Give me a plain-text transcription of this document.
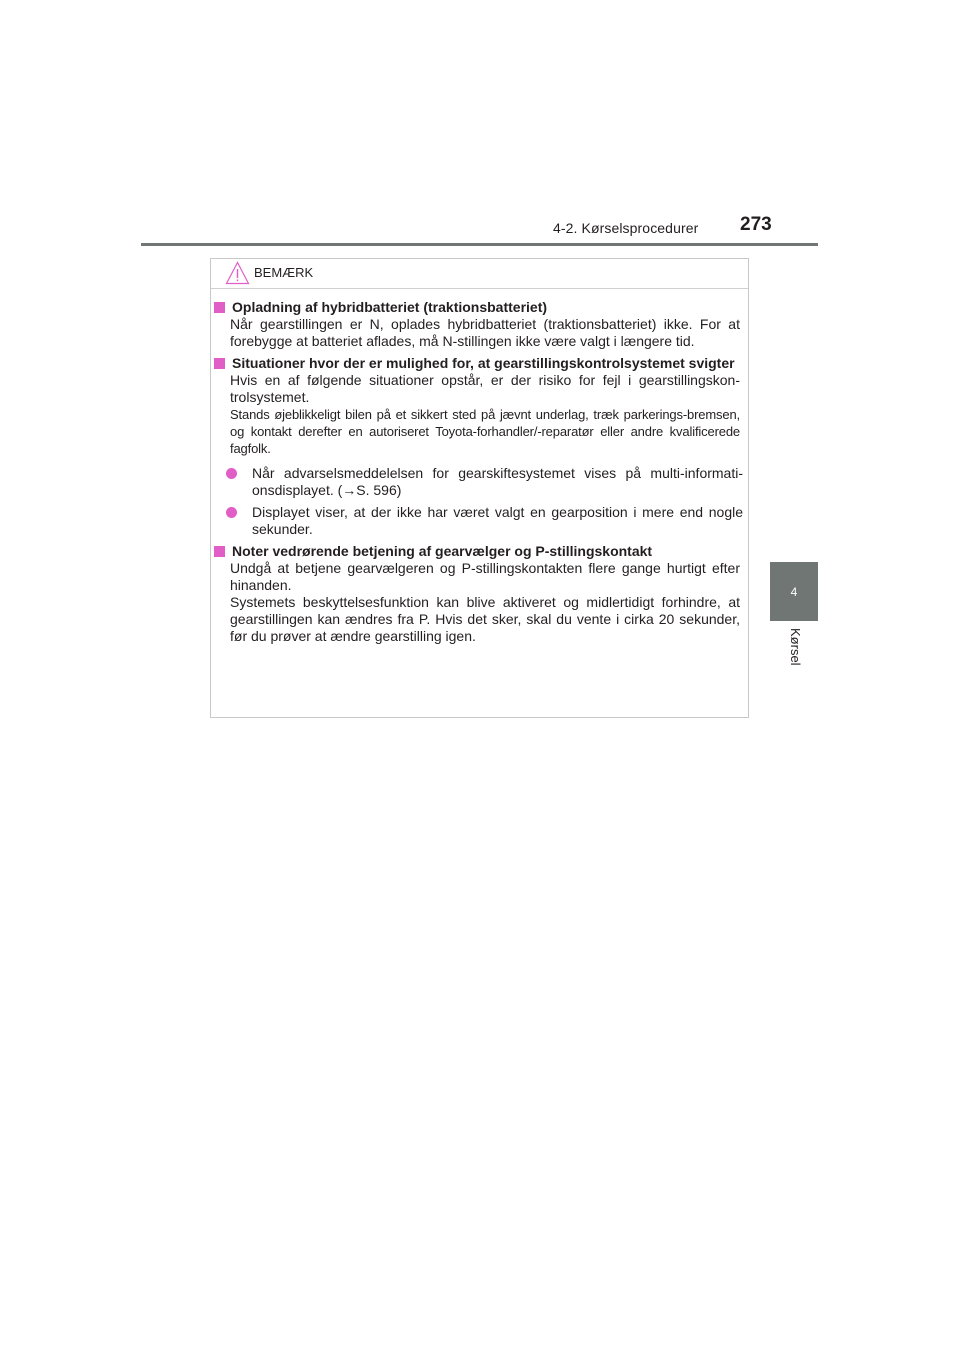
4-2. Kørselsprocedurer 273
4
Kørsel
BEMÆRK
Opladning af hybridbatteriet (traktionsbatteriet)
Når gearstillingen er N, oplades hybridbatteriet (traktionsbatteriet) ikke. For at forebygge at batteriet aflades, må N-stillingen ikke være valgt i længere tid.
Situationer hvor der er mulighed for, at gearstillingskontrolsystemet svigter
Hvis en af følgende situationer opstår, er der risiko for fejl i gearstillingskon-trolsystemet.
Stands øjeblikkeligt bilen på et sikkert sted på jævnt underlag, træk parkerings-bremsen, og kontakt derefter en autoriseret Toyota-forhandler/-reparatør eller andre kvalificerede fagfolk.
Når advarselsmeddelelsen for gearskiftesystemet vises på multi-informati-onsdisplayet. (→S. 596)
Displayet viser, at der ikke har været valgt en gearposition i mere end nogle sekunder.
Noter vedrørende betjening af gearvælger og P-stillingskontakt
Undgå at betjene gearvælgeren og P-stillingskontakten flere gange hurtigt efter hinanden.
Systemets beskyttelsesfunktion kan blive aktiveret og midlertidigt forhindre, at gearstillingen kan ændres fra P. Hvis det sker, skal du vente i cirka 20 sekunder, før du prøver at ændre gearstilling igen.
